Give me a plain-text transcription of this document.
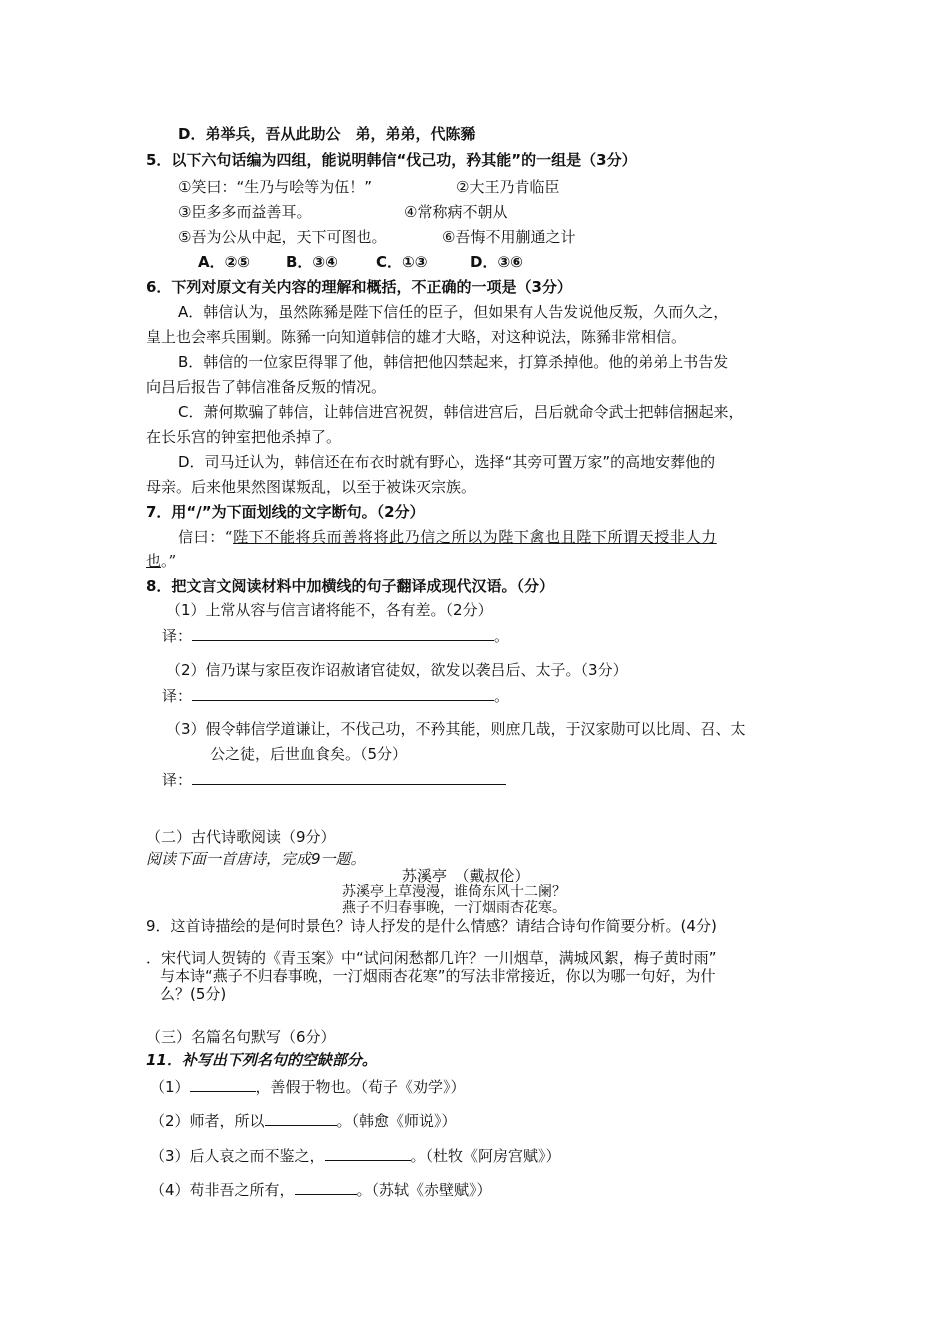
D．弟举兵，吾从此助公　弟，弟弟，代陈豨
5．以下六句话编为四组，能说明韩信“伐己功，矜其能”的一组是（3分）
①笑曰：“生乃与哙等为伍！”	②大王乃肯临臣
③臣多多而益善耳。	④常称病不朝从
⑤吾为公从中起，天下可图也。	⑥吾悔不用蒯通之计
A．②⑤ B．③④	C．①③	D．③⑥
6．下列对原文有关内容的理解和概括，不正确的一项是（3分）
A．韩信认为，虽然陈豨是陛下信任的臣子，但如果有人告发说他反叛，久而久之，
皇上也会率兵围剿。陈豨一向知道韩信的雄才大略，对这种说法，陈豨非常相信。
B．韩信的一位家臣得罪了他，韩信把他囚禁起来，打算杀掉他。他的弟弟上书告发
向吕后报告了韩信准备反叛的情况。
C．萧何欺骗了韩信，让韩信进宫祝贺，韩信进宫后，吕后就命令武士把韩信捆起来，
在长乐宫的钟室把他杀掉了。
D．司马迁认为，韩信还在布衣时就有野心，选择“其旁可置万家”的高地安葬他的
母亲。后来他果然图谋叛乱，以至于被诛灭宗族。
7．用“/”为下面划线的文字断句。（2分）
信曰：“陛下不能将兵而善将将此乃信之所以为陛下禽也且陛下所谓天授非人力
也。”
8．把文言文阅读材料中加横线的句子翻译成现代汉语。（分）
（1）上常从容与信言诸将能不，各有差。（2分）
译：	。
（2）信乃谋与家臣夜诈诏赦诸官徒奴，欲发以袭吕后、太子。（3分）
译：	。
（3）假令韩信学道谦让，不伐己功，不矜其能，则庶几哉，于汉家勋可以比周、召、太
公之徒，后世血食矣。（5分）
译：
（二）古代诗歌阅读（9分）
阅读下面一首唐诗，完成9一题。
苏溪亭　（戴叔伦）
苏溪亭上草漫漫，谁倚东风十二阑？
燕子不归春事晚，一汀烟雨杏花寒。
9．这首诗描绘的是何时景色？诗人抒发的是什么情感？请结合诗句作简要分析。(4分)
．宋代词人贺铸的《青玉案》中“试问闲愁都几许？一川烟草，满城风絮，梅子黄时雨”
与本诗“燕子不归春事晚，一汀烟雨杏花寒”的写法非常接近，你以为哪一句好，为什
么？(5分)
（三）名篇名句默写（6分）
11．补写出下列名句的空缺部分。
（1）	，善假于物也。（荀子《劝学》）
（2）师者，所以	。（韩愈《师说》）
（3）后人哀之而不鉴之，	。（杜牧《阿房宫赋》）
（4）苟非吾之所有，	。（苏轼《赤壁赋》）
